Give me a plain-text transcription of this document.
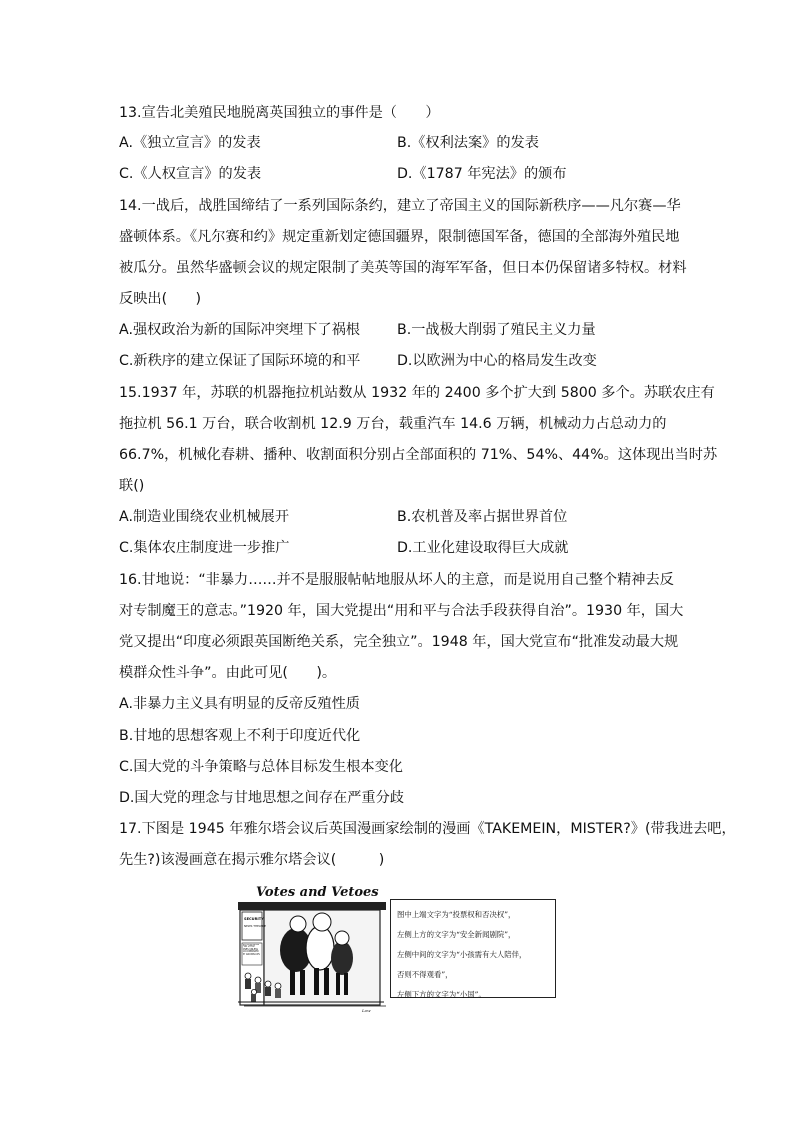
13.宣告北美殖民地脱离英国独立的事件是（　　）
A.《独立宣言》的发表	B.《权利法案》的发表
C.《人权宣言》的发表	D.《1787 年宪法》的颁布
14.一战后，战胜国缔结了一系列国际条约，建立了帝国主义的国际新秩序——凡尔赛—华
盛顿体系。《凡尔赛和约》规定重新划定德国疆界，限制德国军备，德国的全部海外殖民地
被瓜分。虽然华盛顿会议的规定限制了美英等国的海军军备，但日本仍保留诸多特权。材料
反映出(　　)
A.强权政治为新的国际冲突埋下了祸根	B.一战极大削弱了殖民主义力量
C.新秩序的建立保证了国际环境的和平	D.以欧洲为中心的格局发生改变
15.1937 年，苏联的机器拖拉机站数从 1932 年的 2400 多个扩大到 5800 多个。苏联农庄有
拖拉机 56.1 万台，联合收割机 12.9 万台，载重汽车 14.6 万辆，机械动力占总动力的
66.7%，机械化春耕、播种、收割面积分别占全部面积的 71%、54%、44%。这体现出当时苏
联()
A.制造业围绕农业机械展开	B.农机普及率占据世界首位
C.集体农庄制度进一步推广	D.工业化建设取得巨大成就
16.甘地说：“非暴力……并不是服服帖帖地服从坏人的主意，而是说用自己整个精神去反
对专制魔王的意志。”1920 年，国大党提出“用和平与合法手段获得自治”。1930 年，国大
党又提出“印度必须跟英国断绝关系，完全独立”。1948 年，国大党宣布“批准发动最大规
模群众性斗争”。由此可见(　　)。
A.非暴力主义具有明显的反帝反殖性质
B.甘地的思想客观上不利于印度近代化
C.国大党的斗争策略与总体目标发生根本变化
D.国大党的理念与甘地思想之间存在严重分歧
17.下图是 1945 年雅尔塔会议后英国漫画家绘制的漫画《TAKEMEIN，MISTER?》(带我进去吧，
先生?)该漫画意在揭示雅尔塔会议(　　　)
Votes and Vetoes
SECURITY
NEWS THEATRE
NO ADMISSION FOR LITTLE ONES UNLESS ACCOMPANIED BY GROWN-UPS
Low
图中上端文字为“投票权和否决权”，
左侧上方的文字为“安全新闻剧院”，
左侧中间的文字为“小孩需有大人陪伴，
否则不得观看”，
左侧下方的文字为“小国”。
